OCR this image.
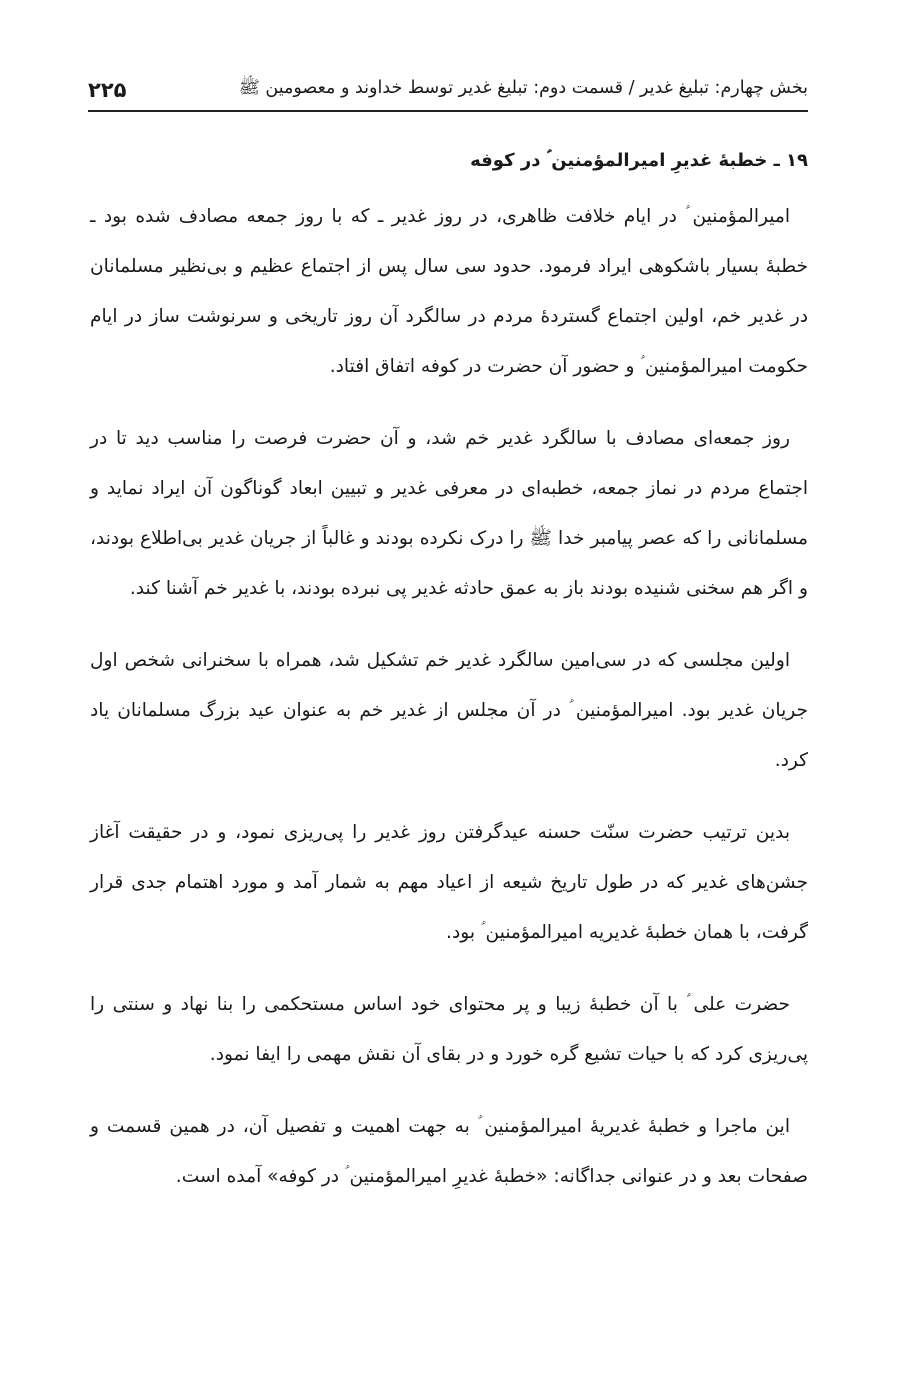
۲۲۵	بخش چهارم: تبلیغ غدیر / قسمت دوم: تبلیغ غدیر توسط خداوند و معصومین ﷺ
۱۹ ـ خطبۀ غدیرِ امیرالمؤمنین ؑ در کوفه

امیرالمؤمنین ؑ در ایام خلافت ظاهری، در روز غدیر ـ که با روز جمعه مصادف شده بود ـ خطبۀ بسیار باشکوهی ایراد فرمود. حدود سی سال پس از اجتماع عظیم و بی‌نظیر مسلمانان در غدیر خم، اولین اجتماع گستردۀ مردم در سالگرد آن روز تاریخی و سرنوشت ساز در ایام حکومت امیرالمؤمنین ؑ و حضور آن حضرت در کوفه اتفاق افتاد.

روز جمعه‌ای مصادف با سالگرد غدیر خم شد، و آن حضرت فرصت را مناسب دید تا در اجتماع مردم در نماز جمعه، خطبه‌ای در معرفی غدیر و تبیین ابعاد گوناگون آن ایراد نماید و مسلمانانی را که عصر پیامبر خدا ﷺ را درک نکرده بودند و غالباً از جریان غدیر بی‌اطلاع بودند، و اگر هم سخنی شنیده بودند باز به عمق حادثه غدیر پی نبرده بودند، با غدیر خم آشنا کند.

اولین مجلسی که در سی‌امین سالگرد غدیر خم تشکیل شد، همراه با سخنرانی شخص اول جریان غدیر بود. امیرالمؤمنین ؑ در آن مجلس از غدیر خم به عنوان عید بزرگ مسلمانان یاد کرد.

بدین ترتیب حضرت سنّت حسنه عیدگرفتن روز غدیر را پی‌ریزی نمود، و در حقیقت آغاز جشن‌های غدیر که در طول تاریخ شیعه از اعیاد مهم به شمار آمد و مورد اهتمام جدی قرار گرفت، با همان خطبۀ غدیریه امیرالمؤمنین ؑ بود.

حضرت علی ؑ با آن خطبۀ زیبا و پر محتوای خود اساس مستحکمی را بنا نهاد و سنتی را پی‌ریزی کرد که با حیات تشیع گره خورد و در بقای آن نقش مهمی را ایفا نمود.

این ماجرا و خطبۀ غدیریۀ امیرالمؤمنین ؑ به جهت اهمیت و تفصیل آن، در همین قسمت و صفحات بعد و در عنوانی جداگانه: «خطبۀ غدیرِ امیرالمؤمنین ؑ در کوفه» آمده است.
